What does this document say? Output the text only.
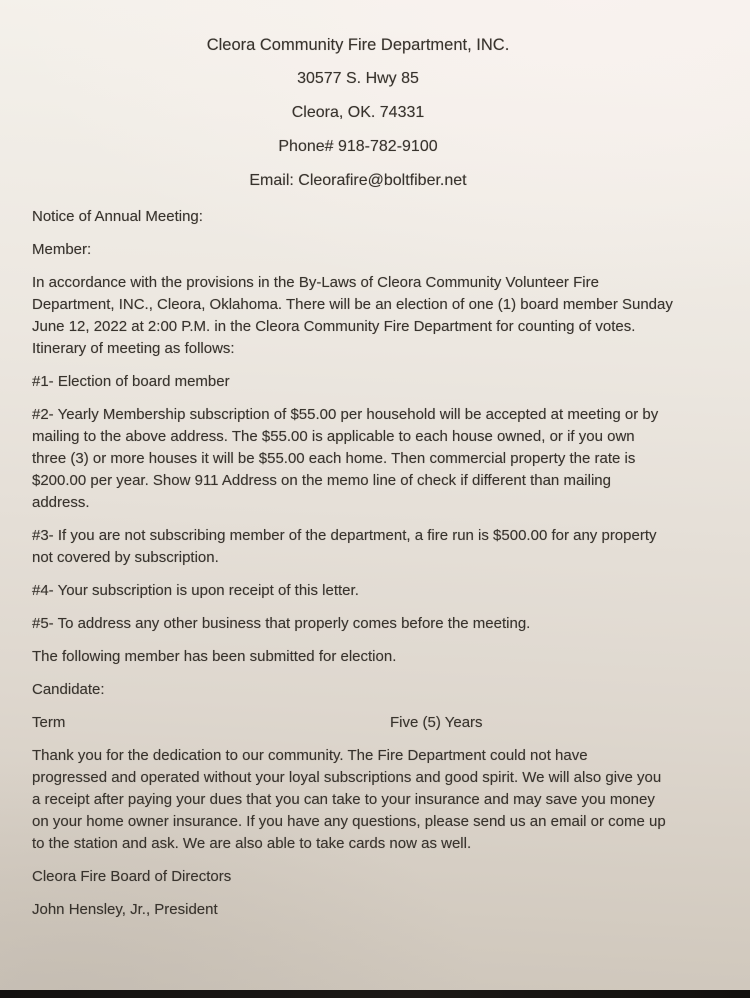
Cleora Community Fire Department, INC.

30577 S. Hwy 85

Cleora, OK. 74331

Phone# 918-782-9100

Email: Cleorafire@boltfiber.net

Notice of Annual Meeting:

Member:

In accordance with the provisions in the By-Laws of Cleora Community Volunteer Fire

Department, INC., Cleora, Oklahoma. There will be an election of one (1) board member Sunday

June 12, 2022 at 2:00 P.M. in the Cleora Community Fire Department for counting of votes.

Itinerary of meeting as follows:

#1- Election of board member

#2- Yearly Membership subscription of $55.00 per household will be accepted at meeting or by

mailing to the above address. The $55.00 is applicable to each house owned, or if you own

three (3) or more houses it will be $55.00 each home. Then commercial property the rate is

$200.00 per year. Show 911 Address on the memo line of check if different than mailing

address.

#3- If you are not subscribing member of the department, a fire run is $500.00 for any property

not covered by subscription.

#4- Your subscription is upon receipt of this letter.

#5- To address any other business that properly comes before the meeting.

The following member has been submitted for election.

Candidate:

Term	Five (5) Years

Thank you for the dedication to our community. The Fire Department could not have

progressed and operated without your loyal subscriptions and good spirit. We will also give you

a receipt after paying your dues that you can take to your insurance and may save you money

on your home owner insurance. If you have any questions, please send us an email or come up

to the station and ask. We are also able to take cards now as well.

Cleora Fire Board of Directors

John Hensley, Jr., President
